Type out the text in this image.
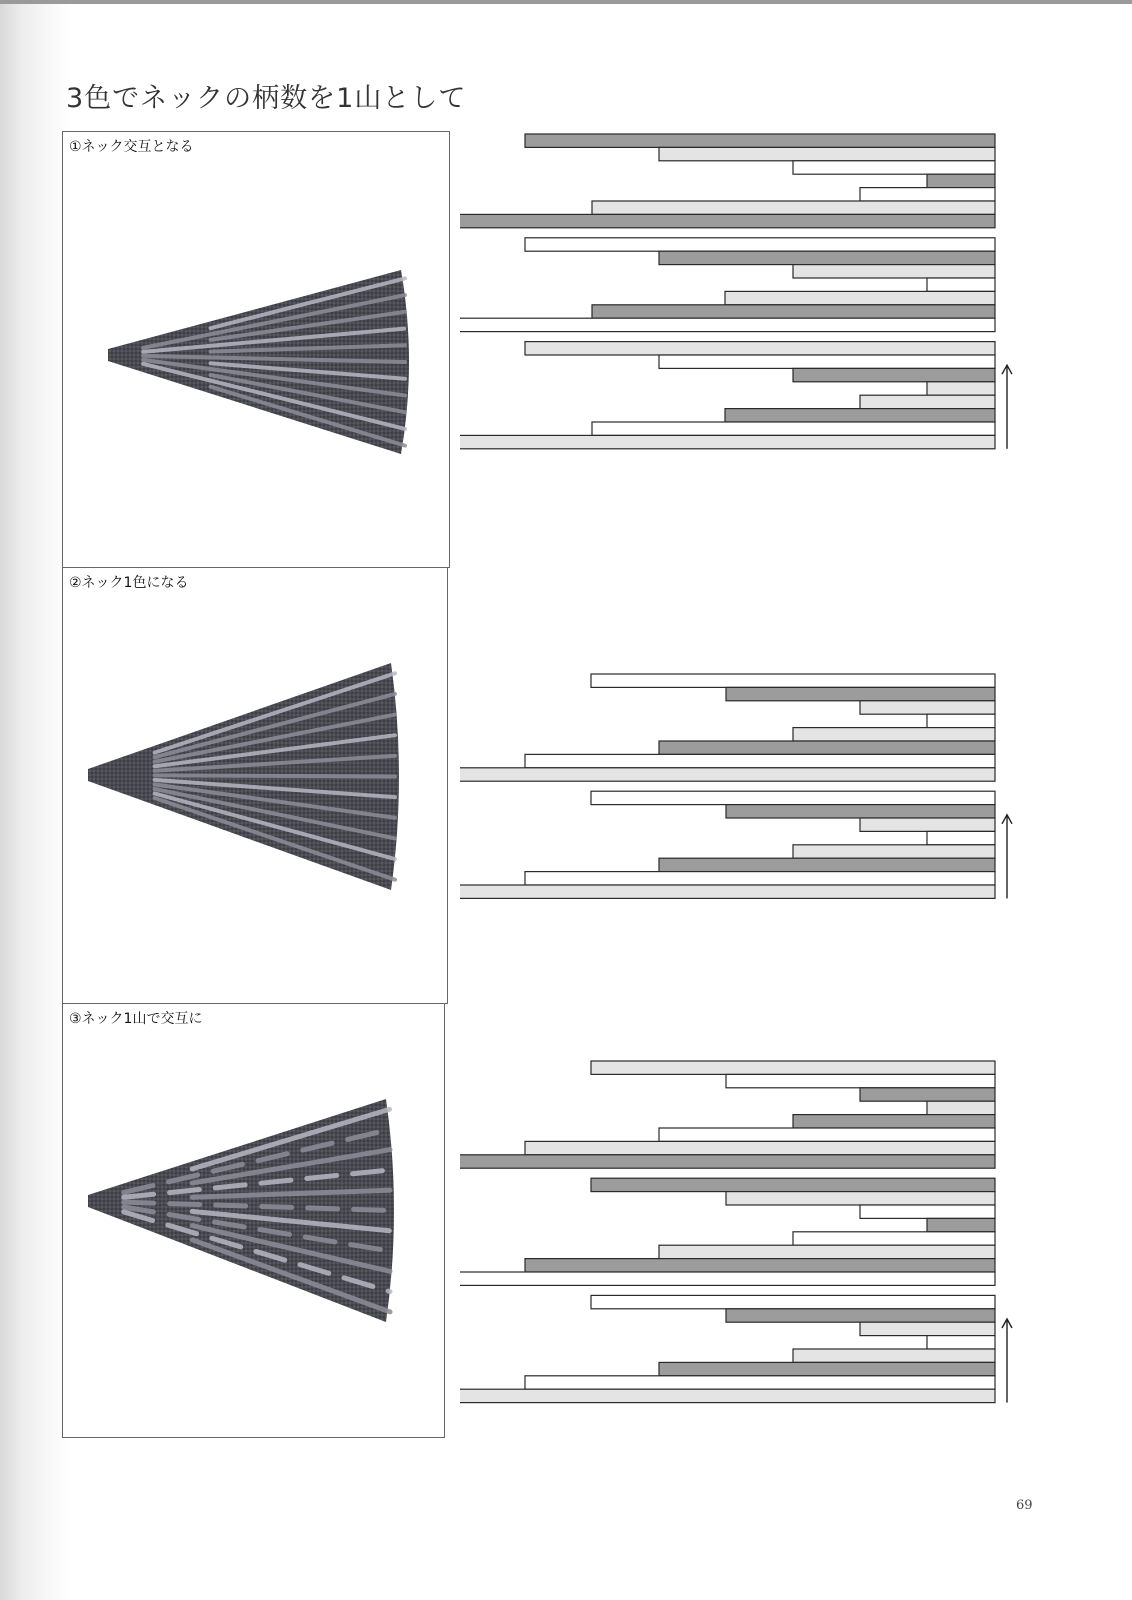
3色でネックの柄数を1山として
①ネック交互となる
②ネック1色になる
③ネック1山で交互に
69
